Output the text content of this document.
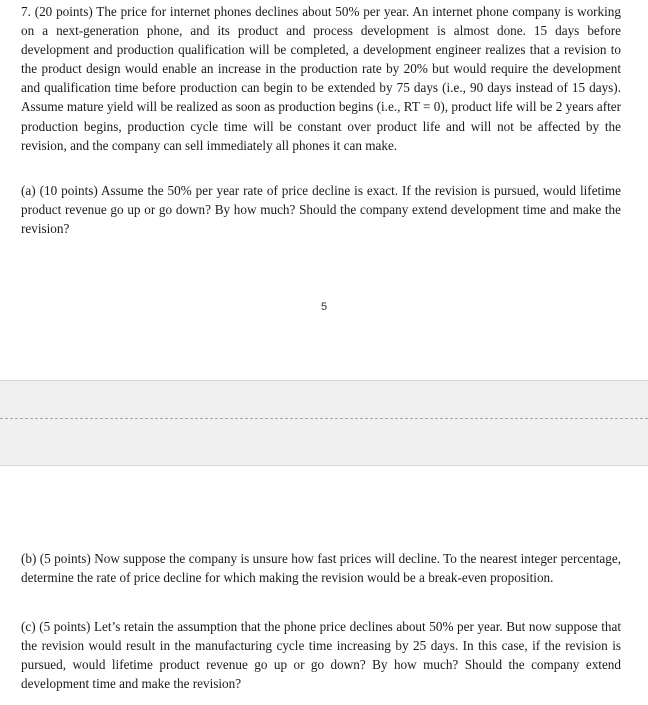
7. (20 points) The price for internet phones declines about 50% per year. An internet phone company is working on a next-generation phone, and its product and process development is almost done. 15 days before development and production qualification will be completed, a development engineer realizes that a revision to the product design would enable an increase in the production rate by 20% but would require the development and qualification time before production can begin to be extended by 75 days (i.e., 90 days instead of 15 days). Assume mature yield will be realized as soon as production begins (i.e., RT = 0), product life will be 2 years after production begins, production cycle time will be constant over product life and will not be affected by the revision, and the company can sell immediately all phones it can make.

(a) (10 points) Assume the 50% per year rate of price decline is exact. If the revision is pursued, would lifetime product revenue go up or go down? By how much? Should the company extend development time and make the revision?

5

(b) (5 points) Now suppose the company is unsure how fast prices will decline. To the nearest integer percentage, determine the rate of price decline for which making the revision would be a break-even proposition.

(c) (5 points) Let’s retain the assumption that the phone price declines about 50% per year. But now suppose that the revision would result in the manufacturing cycle time increasing by 25 days. In this case, if the revision is pursued, would lifetime product revenue go up or go down? By how much? Should the company extend development time and make the revision?
